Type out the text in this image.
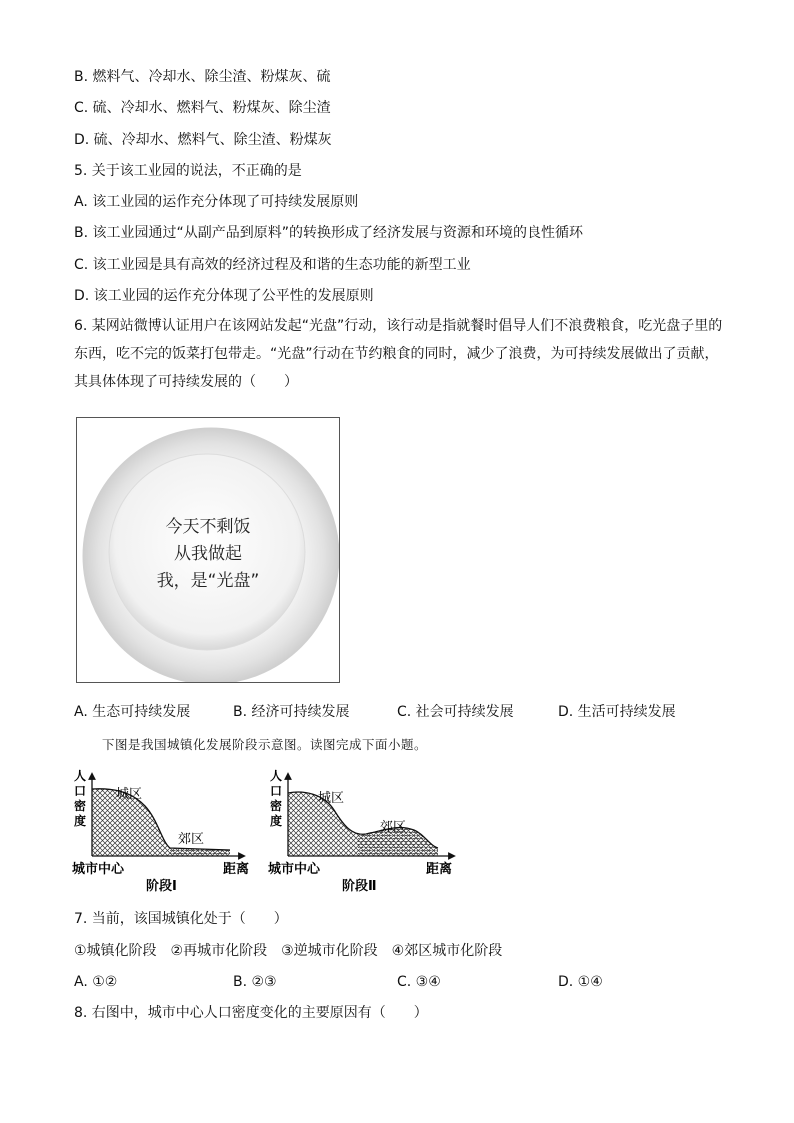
B. 燃料气、冷却水、除尘渣、粉煤灰、硫
C. 硫、冷却水、燃料气、粉煤灰、除尘渣
D. 硫、冷却水、燃料气、除尘渣、粉煤灰
5. 关于该工业园的说法，不正确的是
A. 该工业园的运作充分体现了可持续发展原则
B. 该工业园通过“从副产品到原料”的转换形成了经济发展与资源和环境的良性循环
C. 该工业园是具有高效的经济过程及和谐的生态功能的新型工业
D. 该工业园的运作充分体现了公平性的发展原则
6. 某网站微博认证用户在该网站发起“光盘”行动，该行动是指就餐时倡导人们不浪费粮食，吃光盘子里的东西，吃不完的饭菜打包带走。“光盘”行动在节约粮食的同时，减少了浪费，为可持续发展做出了贡献，其具体体现了可持续发展的（　　）
今天不剩饭
从我做起
我，是“光盘”
A. 生态可持续发展	B. 经济可持续发展	C. 社会可持续发展	D. 生活可持续发展
下图是我国城镇化发展阶段示意图。读图完成下面小题。
人
口
密
度
城区
郊区
城市中心	距离
阶段Ⅰ
人
口
密
度
城区
郊区
城市中心	距离
阶段Ⅱ
7. 当前，该国城镇化处于（　　）
①城镇化阶段　②再城市化阶段　③逆城市化阶段　④郊区城市化阶段
A. ①②	B. ②③	C. ③④	D. ①④
8. 右图中，城市中心人口密度变化的主要原因有（　　）
